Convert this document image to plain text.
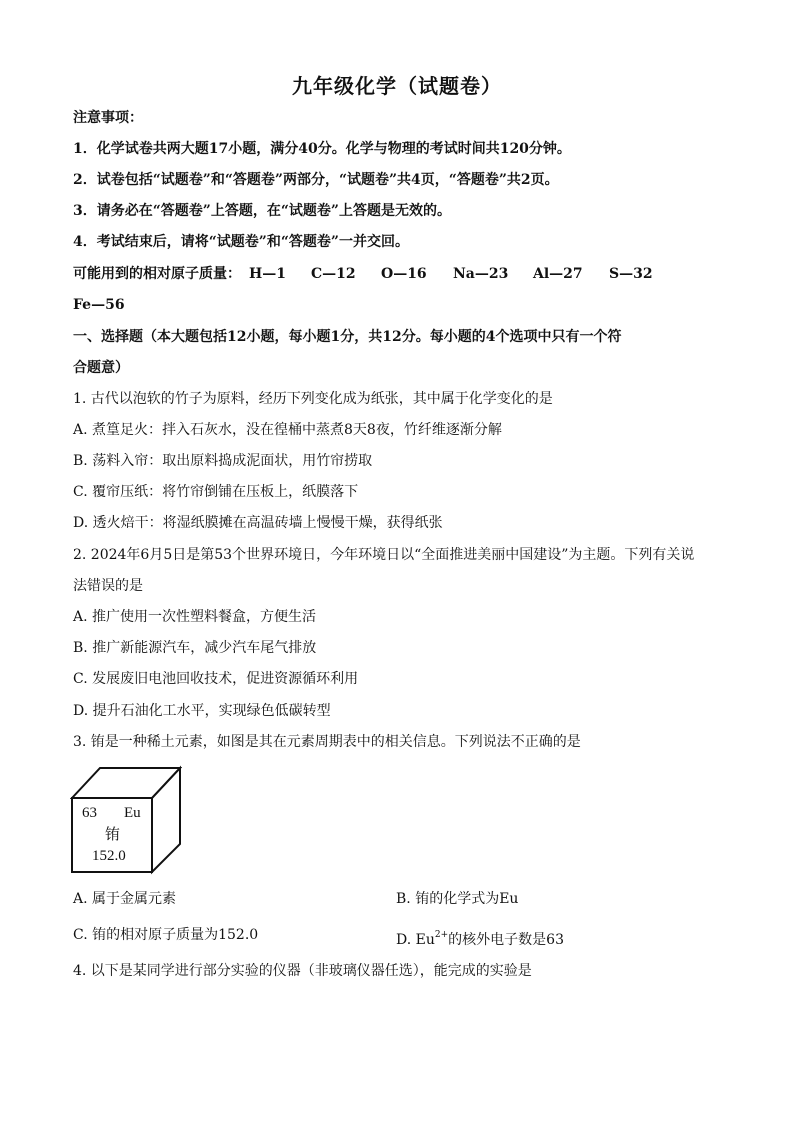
九年级化学（试题卷）
注意事项：
1．化学试卷共两大题17小题，满分40分。化学与物理的考试时间共120分钟。
2．试卷包括“试题卷”和“答题卷”两部分，“试题卷”共4页，“答题卷”共2页。
3．请务必在“答题卷”上答题，在“试题卷”上答题是无效的。
4．考试结束后，请将“试题卷”和“答题卷”一并交回。
可能用到的相对原子质量： H—1 C—12 O—16 Na—23 Al—27 S—32
Fe—56
一、选择题（本大题包括12小题，每小题1分，共12分。每小题的4个选项中只有一个符
合题意）
1. 古代以泡软的竹子为原料，经历下列变化成为纸张，其中属于化学变化的是
A. 煮篁足火：拌入石灰水，没在徨桶中蒸煮8天8夜，竹纤维逐渐分解
B. 荡料入帘：取出原料捣成泥面状，用竹帘捞取
C. 覆帘压纸：将竹帘倒铺在压板上，纸膜落下
D. 透火焙干：将湿纸膜摊在高温砖墙上慢慢干燥，获得纸张
2. 2024年6月5日是第53个世界环境日，今年环境日以“全面推进美丽中国建设”为主题。下列有关说
法错误的是
A. 推广使用一次性塑料餐盒，方便生活
B. 推广新能源汽车，减少汽车尾气排放
C. 发展废旧电池回收技术，促进资源循环利用
D. 提升石油化工水平，实现绿色低碳转型
3. 铕是一种稀土元素，如图是其在元素周期表中的相关信息。下列说法不正确的是
63 Eu
铕
152.0
A. 属于金属元素	B. 铕的化学式为Eu
C. 铕的相对原子质量为152.0	D. $Eu^{2+}$的核外电子数是63
4. 以下是某同学进行部分实验的仪器（非玻璃仪器任选），能完成的实验是
